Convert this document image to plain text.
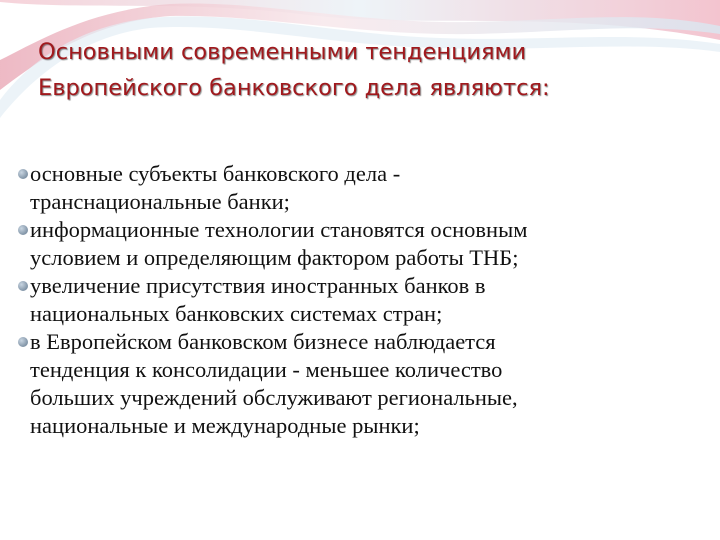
Основными современными тенденциями
Европейского банковского дела являются:
основные субъекты банковского дела -
транснациональные банки;
информационные технологии становятся основным
условием и определяющим фактором работы ТНБ;
увеличение присутствия иностранных банков в
национальных банковских системах стран;
в Европейском банковском бизнесе наблюдается
тенденция к консолидации - меньшее количество
больших учреждений обслуживают региональные,
национальные и международные рынки;
